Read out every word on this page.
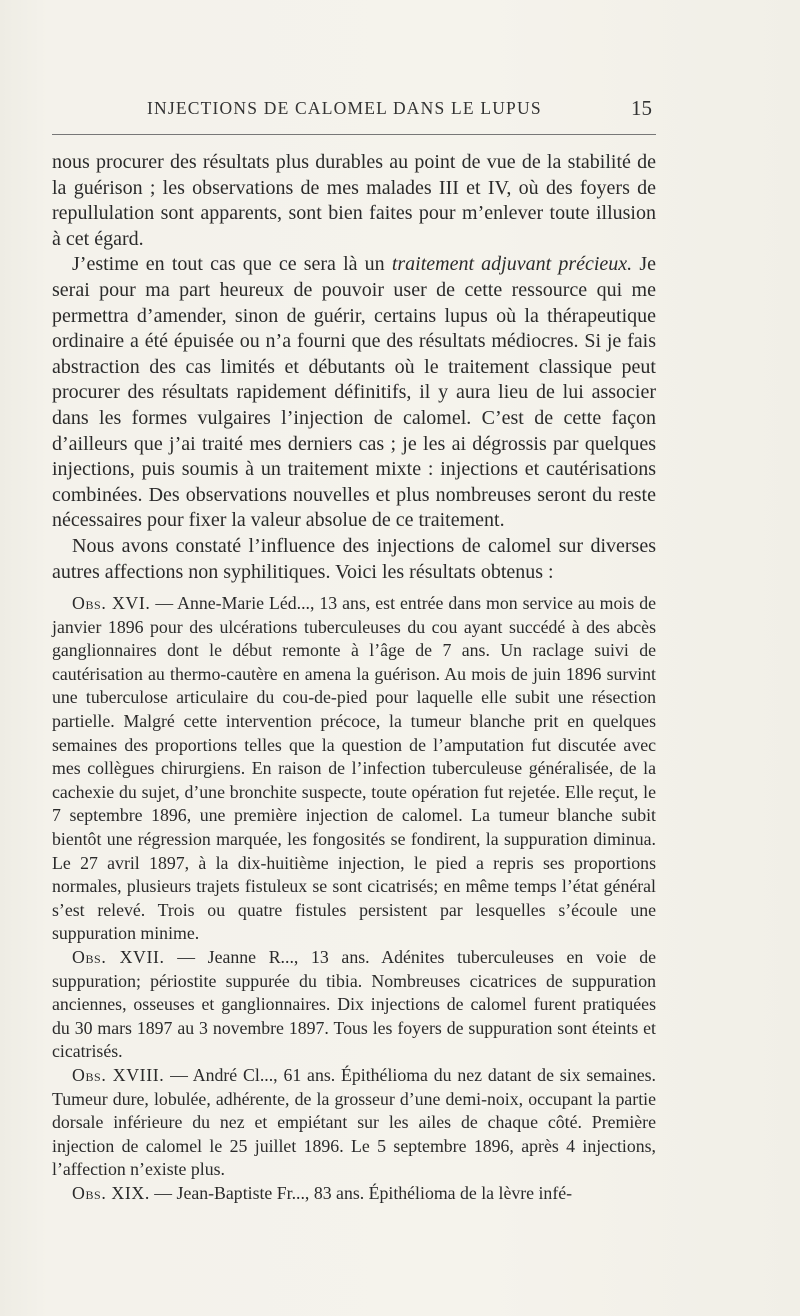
INJECTIONS DE CALOMEL DANS LE LUPUS	15

nous procurer des résultats plus durables au point de vue de la stabilité de la guérison ; les observations de mes malades III et IV, où des foyers de repullulation sont apparents, sont bien faites pour m’enlever toute illusion à cet égard.

J’estime en tout cas que ce sera là un traitement adjuvant précieux. Je serai pour ma part heureux de pouvoir user de cette ressource qui me permettra d’amender, sinon de guérir, certains lupus où la thérapeutique ordinaire a été épuisée ou n’a fourni que des résultats médiocres. Si je fais abstraction des cas limités et débutants où le traitement classique peut procurer des résultats rapidement définitifs, il y aura lieu de lui associer dans les formes vulgaires l’injection de calomel. C’est de cette façon d’ailleurs que j’ai traité mes derniers cas ; je les ai dégrossis par quelques injections, puis soumis à un traitement mixte : injections et cautérisations combinées. Des observations nouvelles et plus nombreuses seront du reste nécessaires pour fixer la valeur absolue de ce traitement.

Nous avons constaté l’influence des injections de calomel sur diverses autres affections non syphilitiques. Voici les résultats obtenus :

Obs. XVI. — Anne-Marie Léd..., 13 ans, est entrée dans mon service au mois de janvier 1896 pour des ulcérations tuberculeuses du cou ayant succédé à des abcès ganglionnaires dont le début remonte à l’âge de 7 ans. Un raclage suivi de cautérisation au thermo-cautère en amena la guérison. Au mois de juin 1896 survint une tuberculose articulaire du cou-de-pied pour laquelle elle subit une résection partielle. Malgré cette intervention précoce, la tumeur blanche prit en quelques semaines des proportions telles que la question de l’amputation fut discutée avec mes collègues chirurgiens. En raison de l’infection tuberculeuse généralisée, de la cachexie du sujet, d’une bronchite suspecte, toute opération fut rejetée. Elle reçut, le 7 septembre 1896, une première injection de calomel. La tumeur blanche subit bientôt une régression marquée, les fongosités se fondirent, la suppuration diminua. Le 27 avril 1897, à la dix-huitième injection, le pied a repris ses proportions normales, plusieurs trajets fistuleux se sont cicatrisés; en même temps l’état général s’est relevé. Trois ou quatre fistules persistent par lesquelles s’écoule une suppuration minime.

Obs. XVII. — Jeanne R..., 13 ans. Adénites tuberculeuses en voie de suppuration; périostite suppurée du tibia. Nombreuses cicatrices de suppuration anciennes, osseuses et ganglionnaires. Dix injections de calomel furent pratiquées du 30 mars 1897 au 3 novembre 1897. Tous les foyers de suppuration sont éteints et cicatrisés.

Obs. XVIII. — André Cl..., 61 ans. Épithélioma du nez datant de six semaines. Tumeur dure, lobulée, adhérente, de la grosseur d’une demi-noix, occupant la partie dorsale inférieure du nez et empiétant sur les ailes de chaque côté. Première injection de calomel le 25 juillet 1896. Le 5 septembre 1896, après 4 injections, l’affection n’existe plus.

Obs. XIX. — Jean-Baptiste Fr..., 83 ans. Épithélioma de la lèvre infé-
